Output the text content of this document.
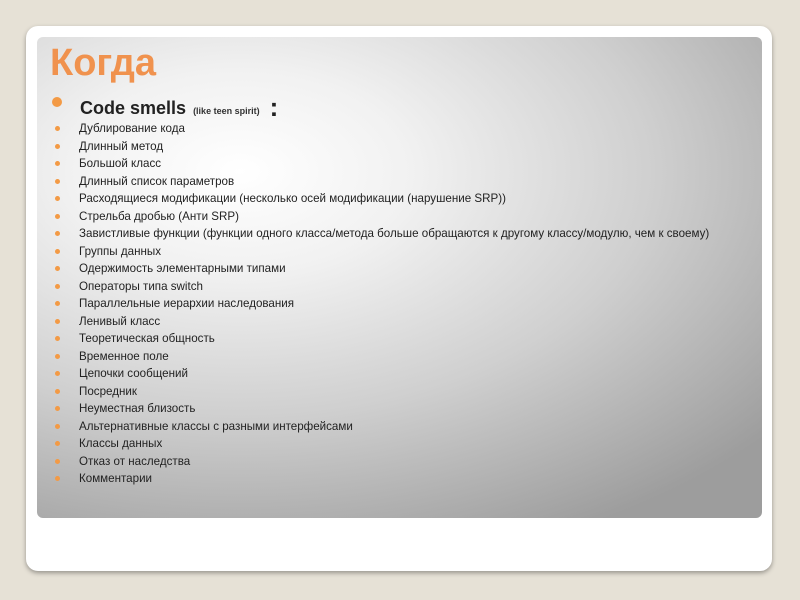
Когда
Code smells (like teen spirit) :
Дублирование кода
Длинный метод
Большой класс
Длинный список параметров
Расходящиеся модификации (несколько осей модификации (нарушение SRP))
Стрельба дробью (Анти SRP)
Завистливые функции (функции одного класса/метода больше обращаются к другому классу/модулю, чем к своему)
Группы данных
Одержимость элементарными типами
Операторы типа switch
Параллельные иерархии наследования
Ленивый класс
Теоретическая общность
Временное поле
Цепочки сообщений
Посредник
Неуместная близость
Альтернативные классы с разными интерфейсами
Классы данных
Отказ от наследства
Комментарии
